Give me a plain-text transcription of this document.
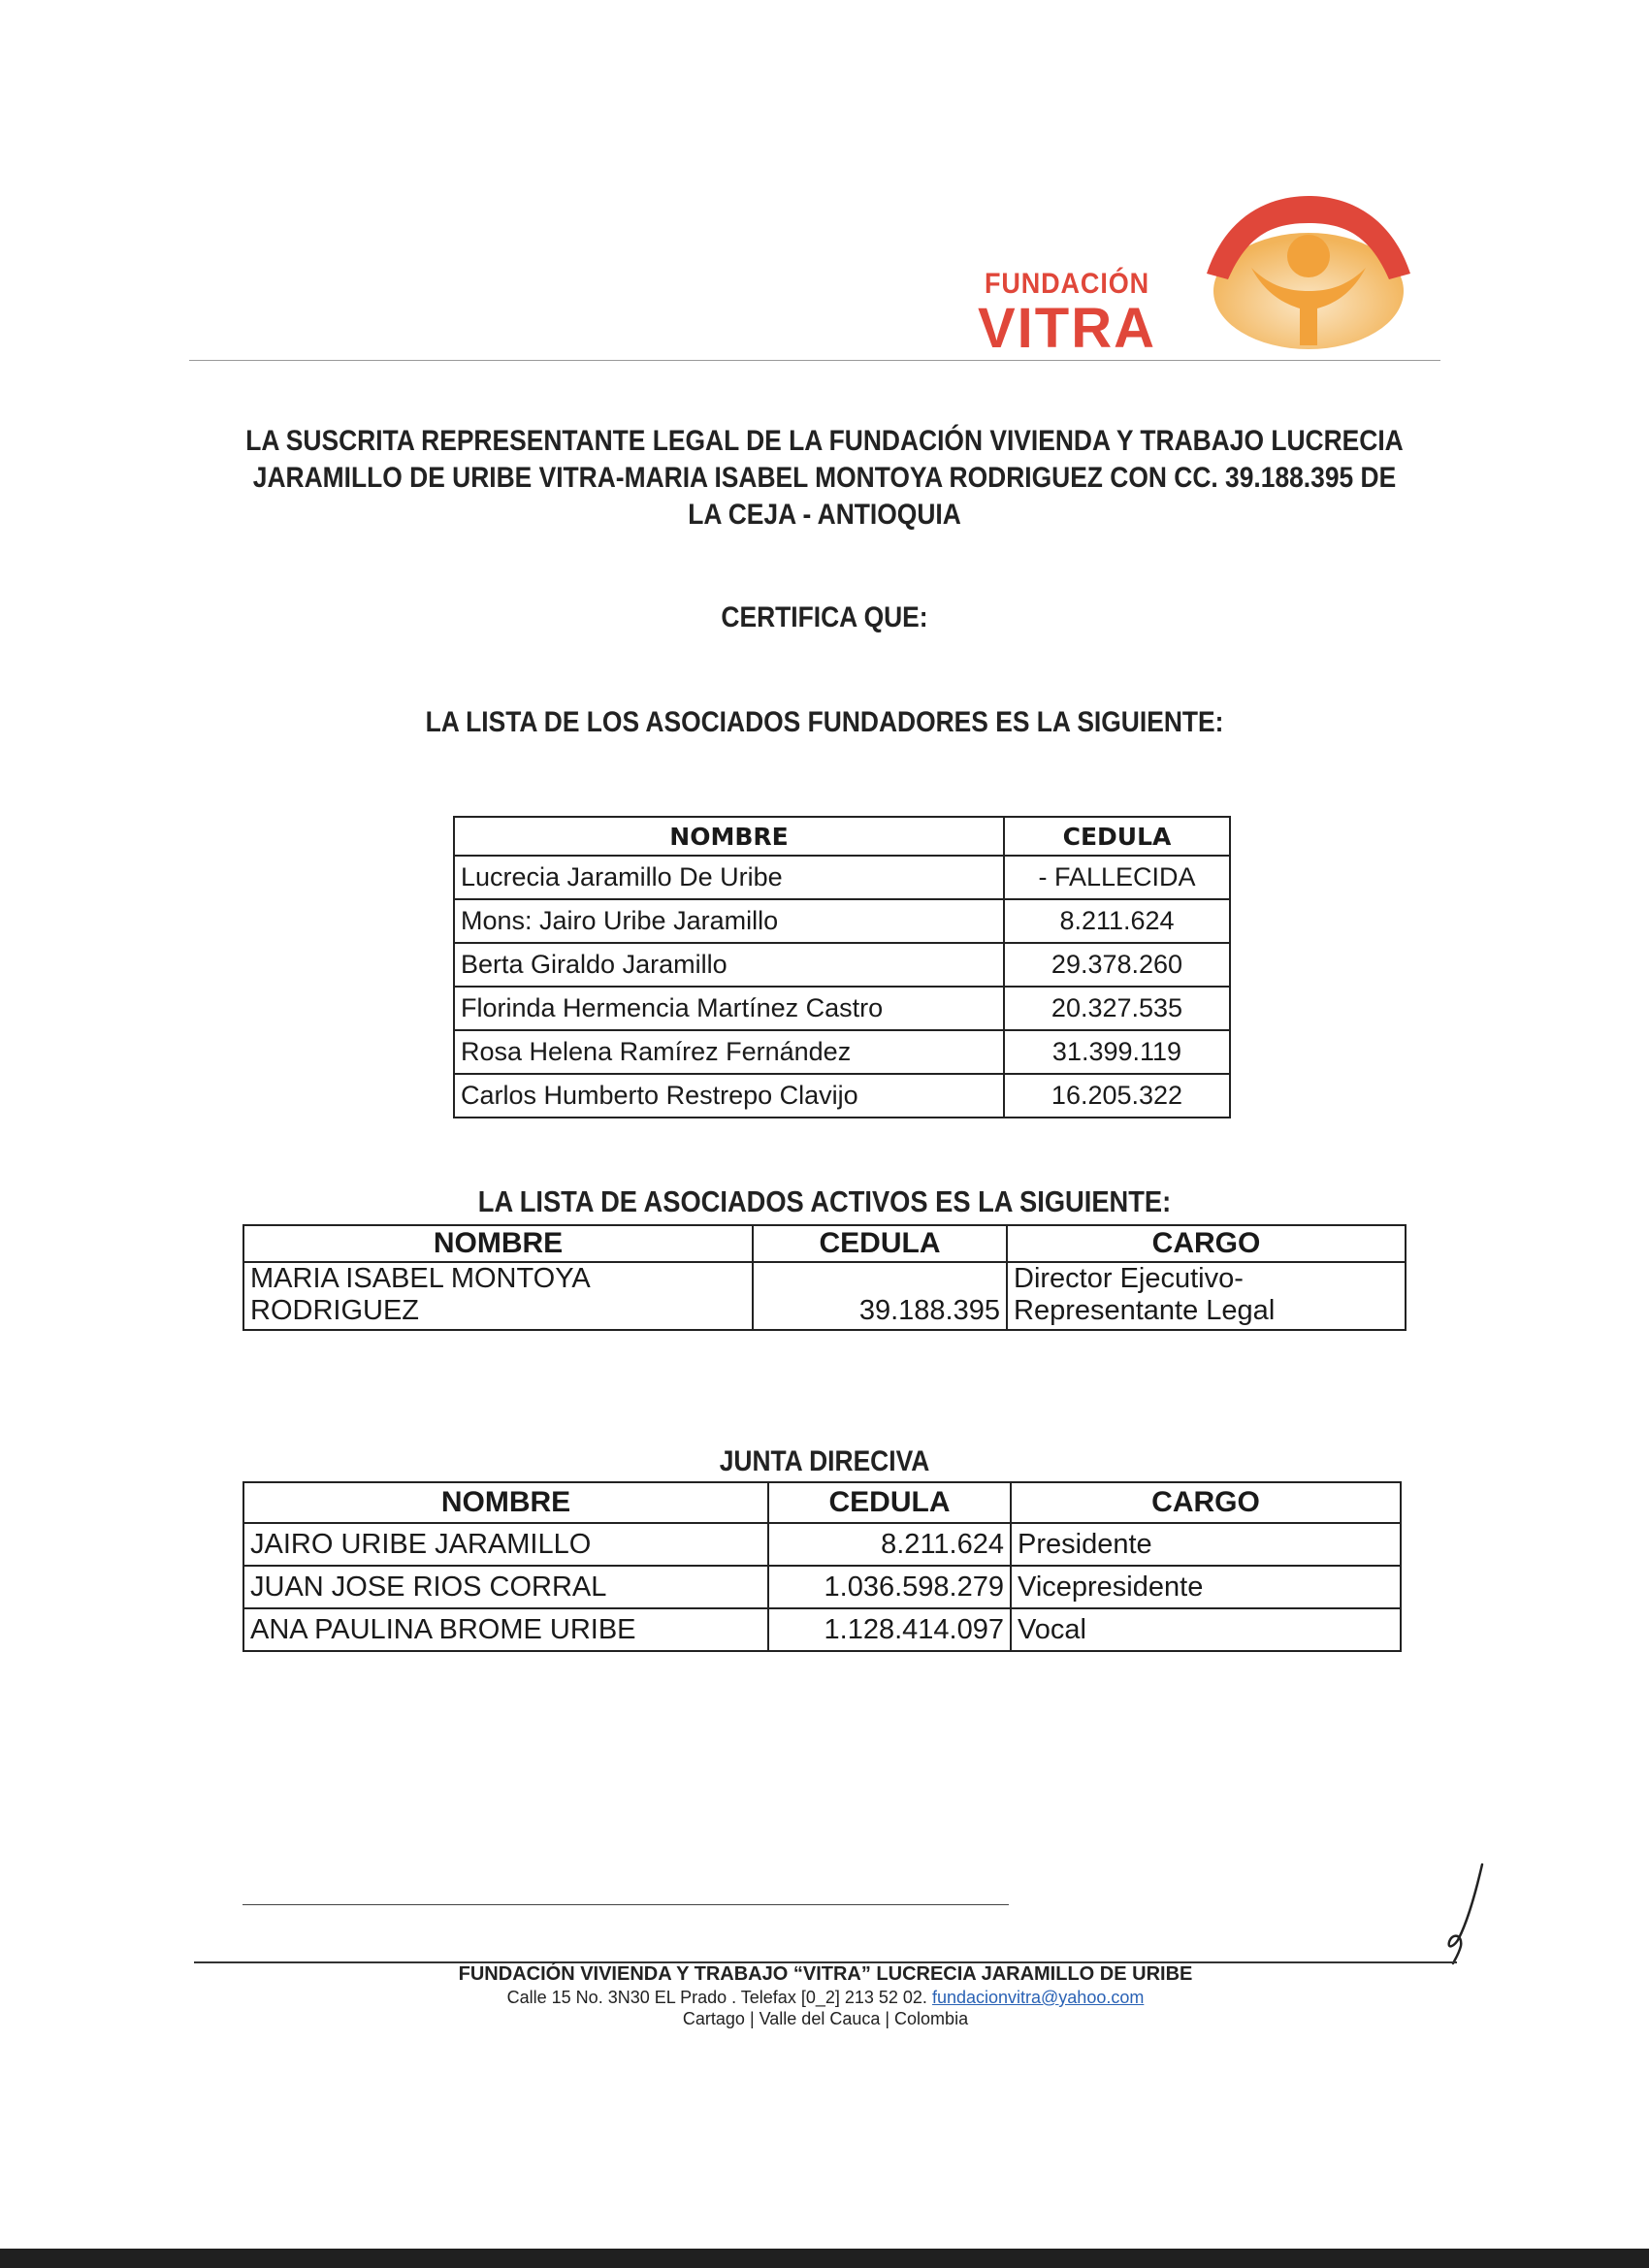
FUNDACIÓN
VITRA
LA SUSCRITA REPRESENTANTE LEGAL DE LA FUNDACIÓN VIVIENDA Y TRABAJO LUCRECIA JARAMILLO DE URIBE VITRA-MARIA ISABEL MONTOYA RODRIGUEZ CON CC. 39.188.395 DE LA CEJA - ANTIOQUIA
CERTIFICA QUE:
LA LISTA DE LOS ASOCIADOS FUNDADORES ES LA SIGUIENTE:
NOMBRE	CEDULA
Lucrecia Jaramillo De Uribe	- FALLECIDA
Mons: Jairo Uribe Jaramillo	8.211.624
Berta Giraldo Jaramillo	29.378.260
Florinda Hermencia Martínez Castro	20.327.535
Rosa Helena Ramírez Fernández	31.399.119
Carlos Humberto Restrepo Clavijo	16.205.322
LA LISTA DE ASOCIADOS ACTIVOS ES LA SIGUIENTE:
NOMBRE	CEDULA	CARGO
MARIA ISABEL MONTOYA RODRIGUEZ	39.188.395	Director Ejecutivo-
Representante Legal
JUNTA DIRECIVA
NOMBRE	CEDULA	CARGO
JAIRO URIBE JARAMILLO	8.211.624	Presidente
JUAN JOSE RIOS CORRAL	1.036.598.279	Vicepresidente
ANA PAULINA BROME URIBE	1.128.414.097	Vocal
FUNDACIÓN VIVIENDA Y TRABAJO “VITRA” LUCRECIA JARAMILLO DE URIBE
Calle 15 No. 3N30 EL Prado . Telefax [0_2] 213 52 02. fundacionvitra@yahoo.com
Cartago | Valle del Cauca | Colombia
